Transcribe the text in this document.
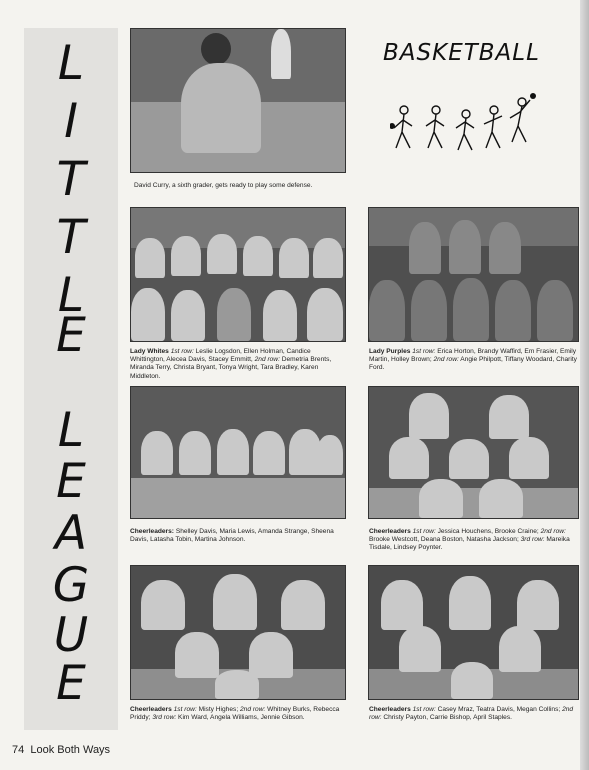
L
I
T
T
L
E
L
E
A
G
U
E
David Curry, a sixth grader, gets ready to play some defense.
BASKETBALL
Lady Whites 1st row: Leslie Logsdon, Ellen Holman, Candice Whittington, Alecea Davis, Stacey Emmitt, 2nd row: Demetria Brents, Miranda Terry, Christa Bryant, Tonya Wright, Tara Bradley, Karen Middleton.
Lady Purples 1st row: Erica Horton, Brandy Waffird, Em Frasier, Emily Martin, Holley Brown; 2nd row: Angie Philpott, Tiffany Woodard, Charity Ford.
Cheerleaders: Shelley Davis, Maria Lewis, Amanda Strange, Sheena Davis, Latasha Tobin, Martina Johnson.
Cheerleaders 1st row: Jessica Houchens, Brooke Craine; 2nd row: Brooke Westcott, Deana Boston, Natasha Jackson; 3rd row: Mareika Tisdale, Lindsey Poynter.
Cheerleaders 1st row: Misty Highes; 2nd row: Whitney Burks, Rebecca Priddy; 3rd row: Kim Ward, Angela Williams, Jennie Gibson.
Cheerleaders 1st row: Casey Mraz, Teatra Davis, Megan Collins; 2nd row: Christy Payton, Carrie Bishop, April Staples.
74 Look Both Ways
